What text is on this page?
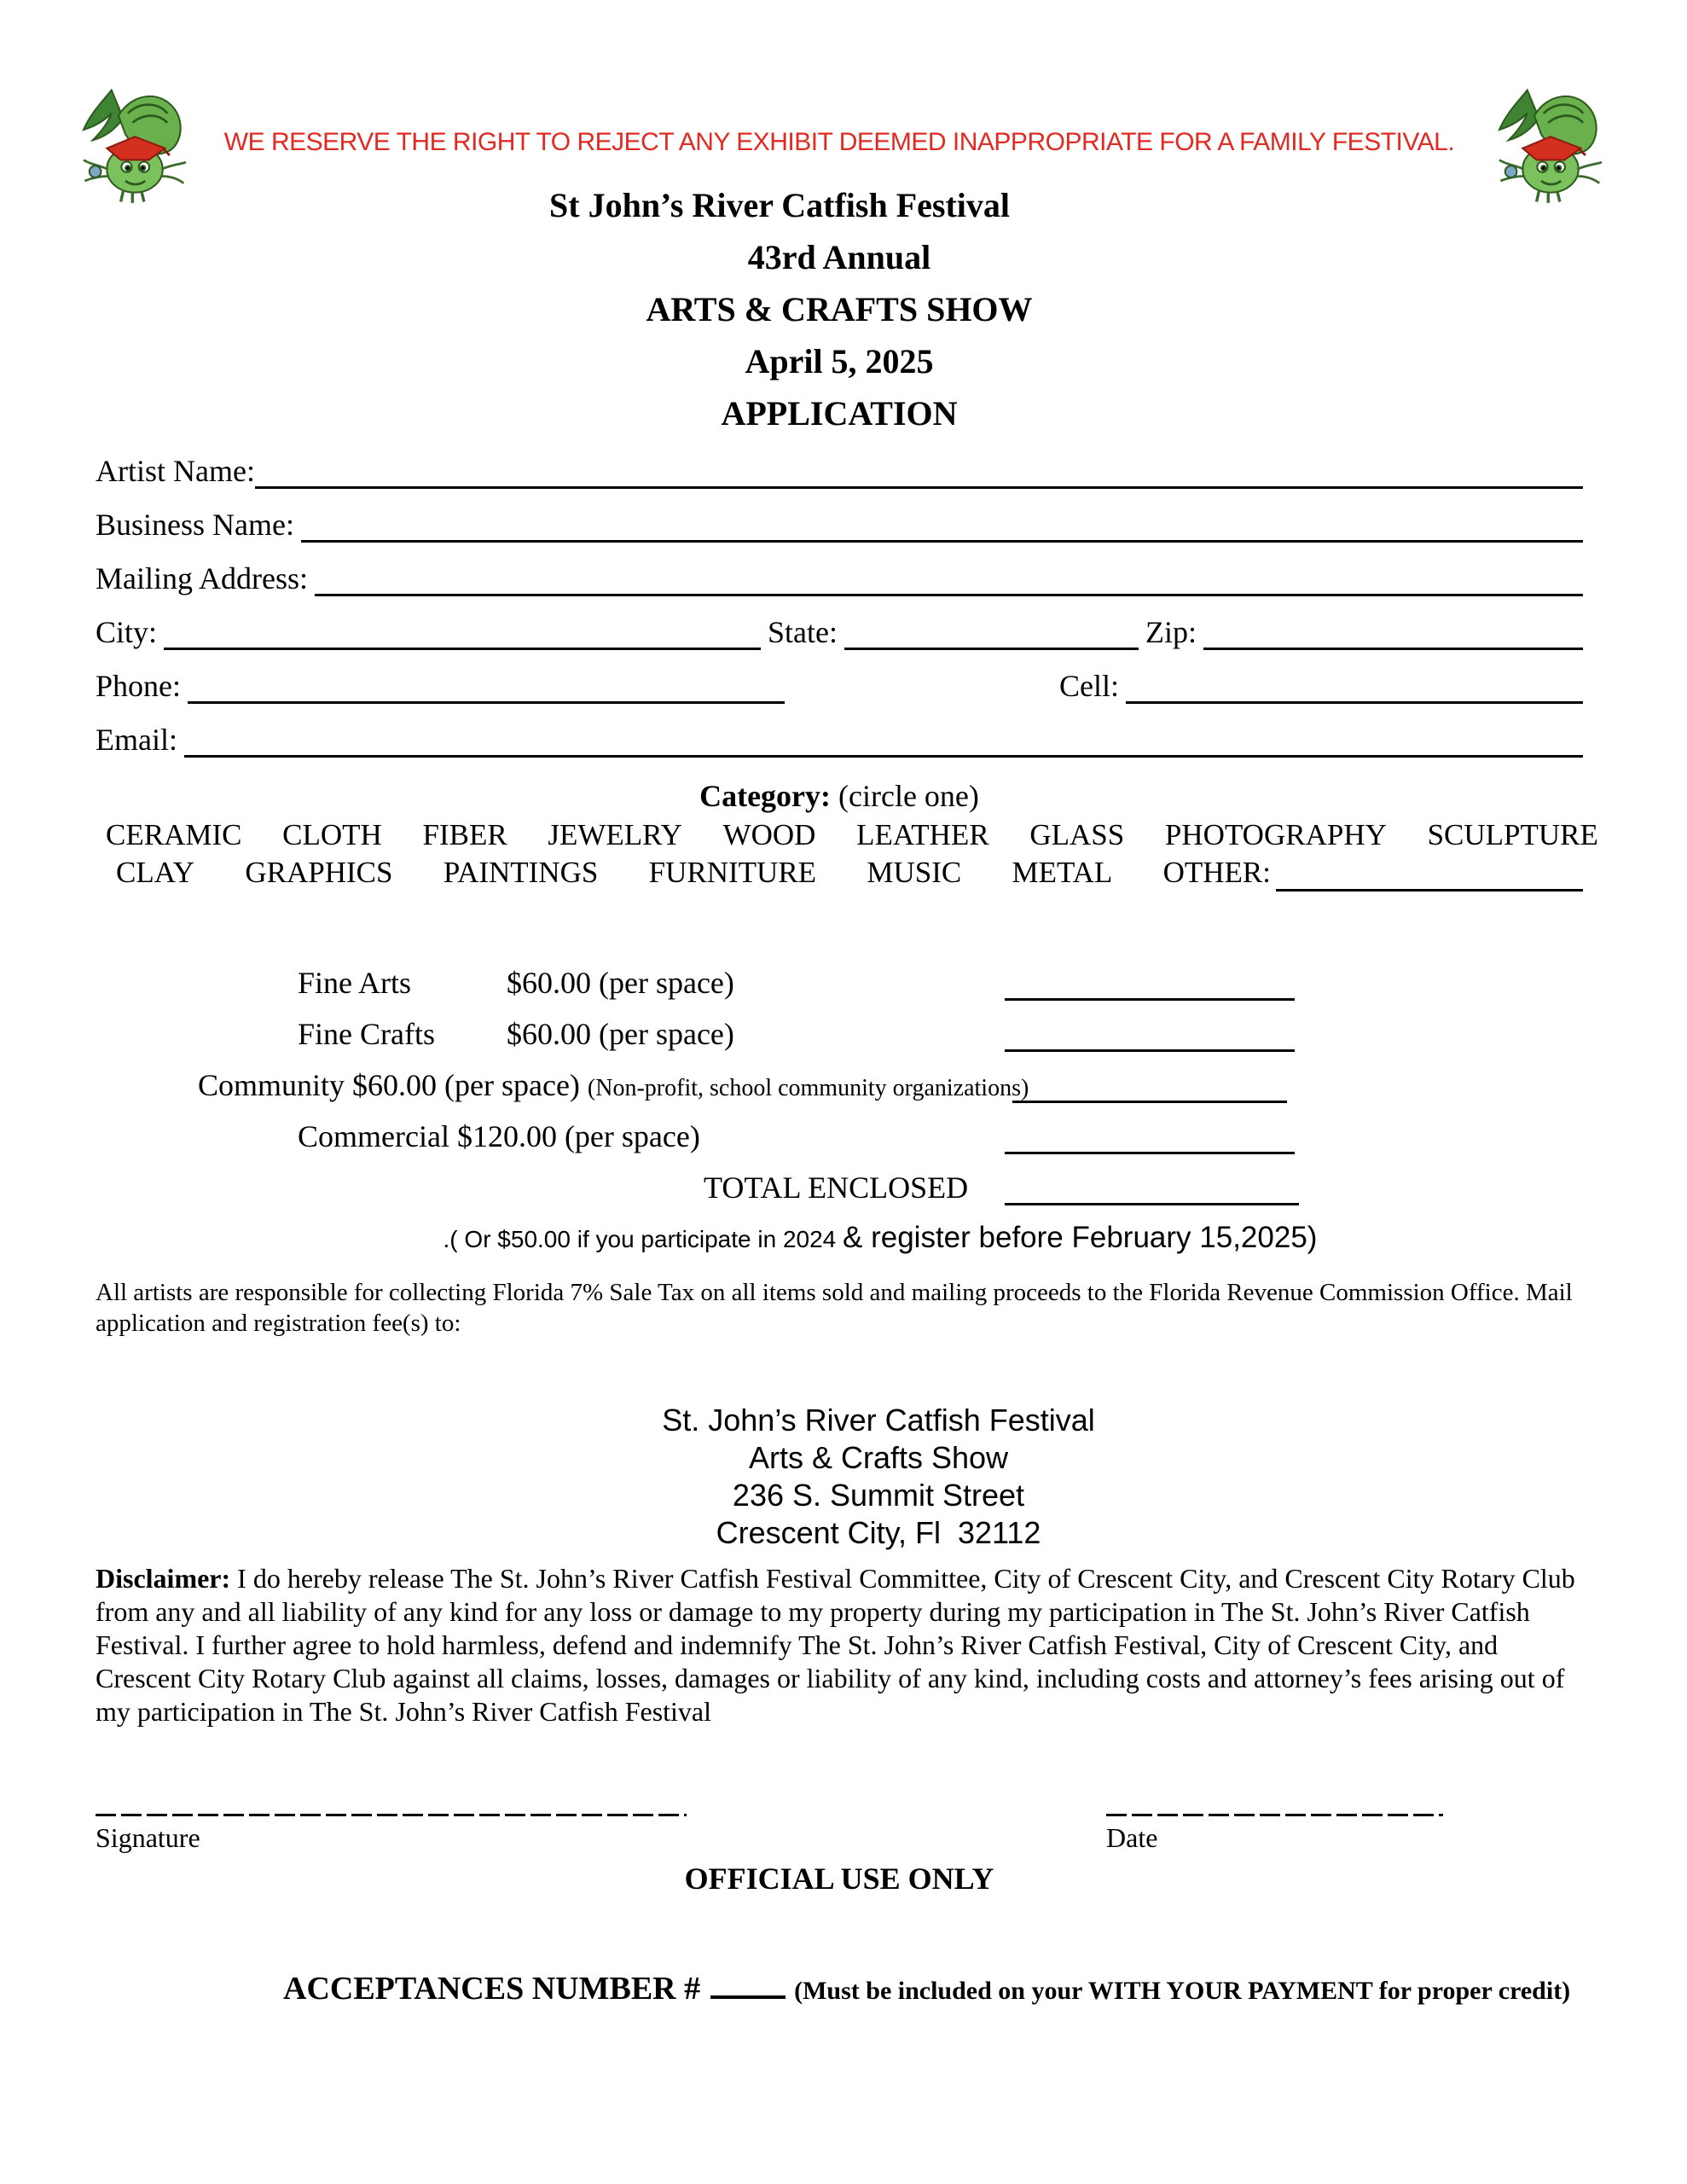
WE RESERVE THE RIGHT TO REJECT ANY EXHIBIT DEEMED INAPPROPRIATE FOR A FAMILY FESTIVAL.
St John’s River Catfish Festival
43rd Annual
ARTS & CRAFTS SHOW
April 5, 2025
APPLICATION
Artist Name:
Business Name:
Mailing Address:
City:	State:	Zip:
Phone:	Cell:
Email:
Category: (circle one)
CERAMIC CLOTH FIBER JEWELRY WOOD LEATHER GLASS PHOTOGRAPHY SCULPTURE
CLAY GRAPHICS PAINTINGS FURNITURE MUSIC METAL OTHER:
Fine Arts	$60.00 (per space)
Fine Crafts $60.00 (per space)
Community $60.00 (per space) (Non-profit, school community organizations)
Commercial $120.00 (per space)
TOTAL ENCLOSED
.( Or $50.00 if you participate in 2024 & register before February 15,2025)
All artists are responsible for collecting Florida 7% Sale Tax on all items sold and mailing proceeds to the Florida Revenue Commission Office. Mail application and registration fee(s) to:
St. John’s River Catfish Festival
Arts & Crafts Show
236 S. Summit Street
Crescent City, Fl  32112
Disclaimer: I do hereby release The St. John’s River Catfish Festival Committee, City of Crescent City, and Crescent City Rotary Club from any and all liability of any kind for any loss or damage to my property during my participation in The St. John’s River Catfish Festival. I further agree to hold harmless, defend and indemnify The St. John’s River Catfish Festival, City of Crescent City, and Crescent City Rotary Club against all claims, losses, damages or liability of any kind, including costs and attorney’s fees arising out of my participation in The St. John’s River Catfish Festival
Signature	Date
OFFICIAL USE ONLY
ACCEPTANCES NUMBER #	(Must be included on your WITH YOUR PAYMENT for proper credit)
